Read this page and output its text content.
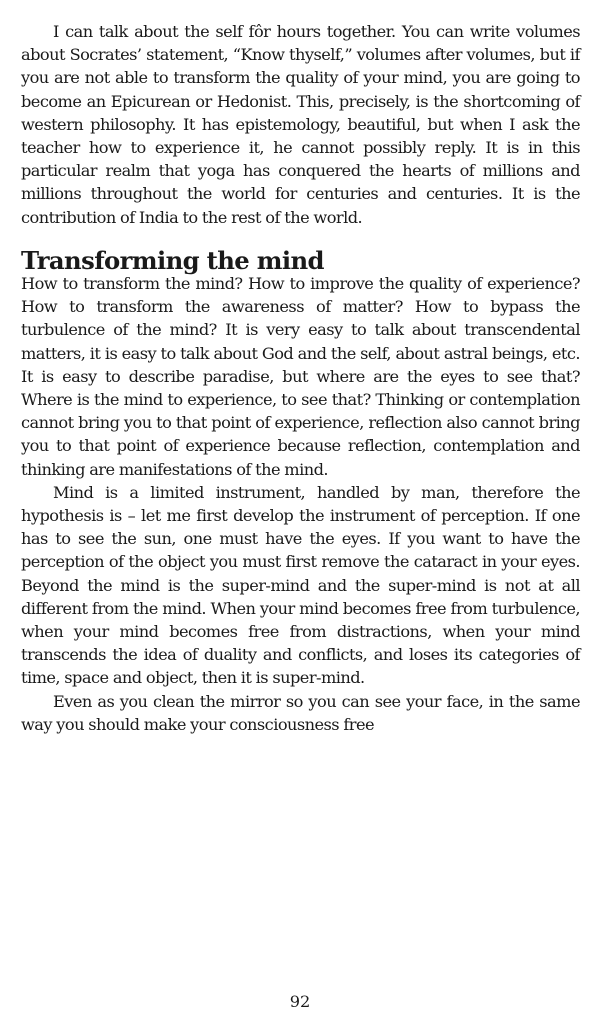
I can talk about the self fôr hours together. You can write volumes about Socrates’ statement, “Know thyself,” volumes after volumes, but if you are not able to transform the quality of your mind, you are going to become an Epicurean or Hedonist. This, precisely, is the shortcoming of western philosophy. It has epistemology, beautiful, but when I ask the teacher how to experience it, he cannot possibly reply. It is in this particular realm that yoga has conquered the hearts of millions and millions throughout the world for centuries and centuries. It is the contribution of India to the rest of the world.

Transforming the mind

How to transform the mind? How to improve the quality of experience? How to transform the awareness of matter? How to bypass the turbulence of the mind? It is very easy to talk about transcendental matters, it is easy to talk about God and the self, about astral beings, etc. It is easy to describe paradise, but where are the eyes to see that? Where is the mind to experience, to see that? Thinking or contemplation cannot bring you to that point of experience, reflection also cannot bring you to that point of experience because reflection, contemplation and thinking are manifestations of the mind.

Mind is a limited instrument, handled by man, therefore the hypothesis is – let me first develop the instrument of perception. If one has to see the sun, one must have the eyes. If you want to have the perception of the object you must first remove the cataract in your eyes. Beyond the mind is the super-mind and the super-mind is not at all different from the mind. When your mind becomes free from turbulence, when your mind becomes free from distractions, when your mind transcends the idea of duality and conflicts, and loses its categories of time, space and object, then it is super-mind.

Even as you clean the mirror so you can see your face, in the same way you should make your consciousness free

92
